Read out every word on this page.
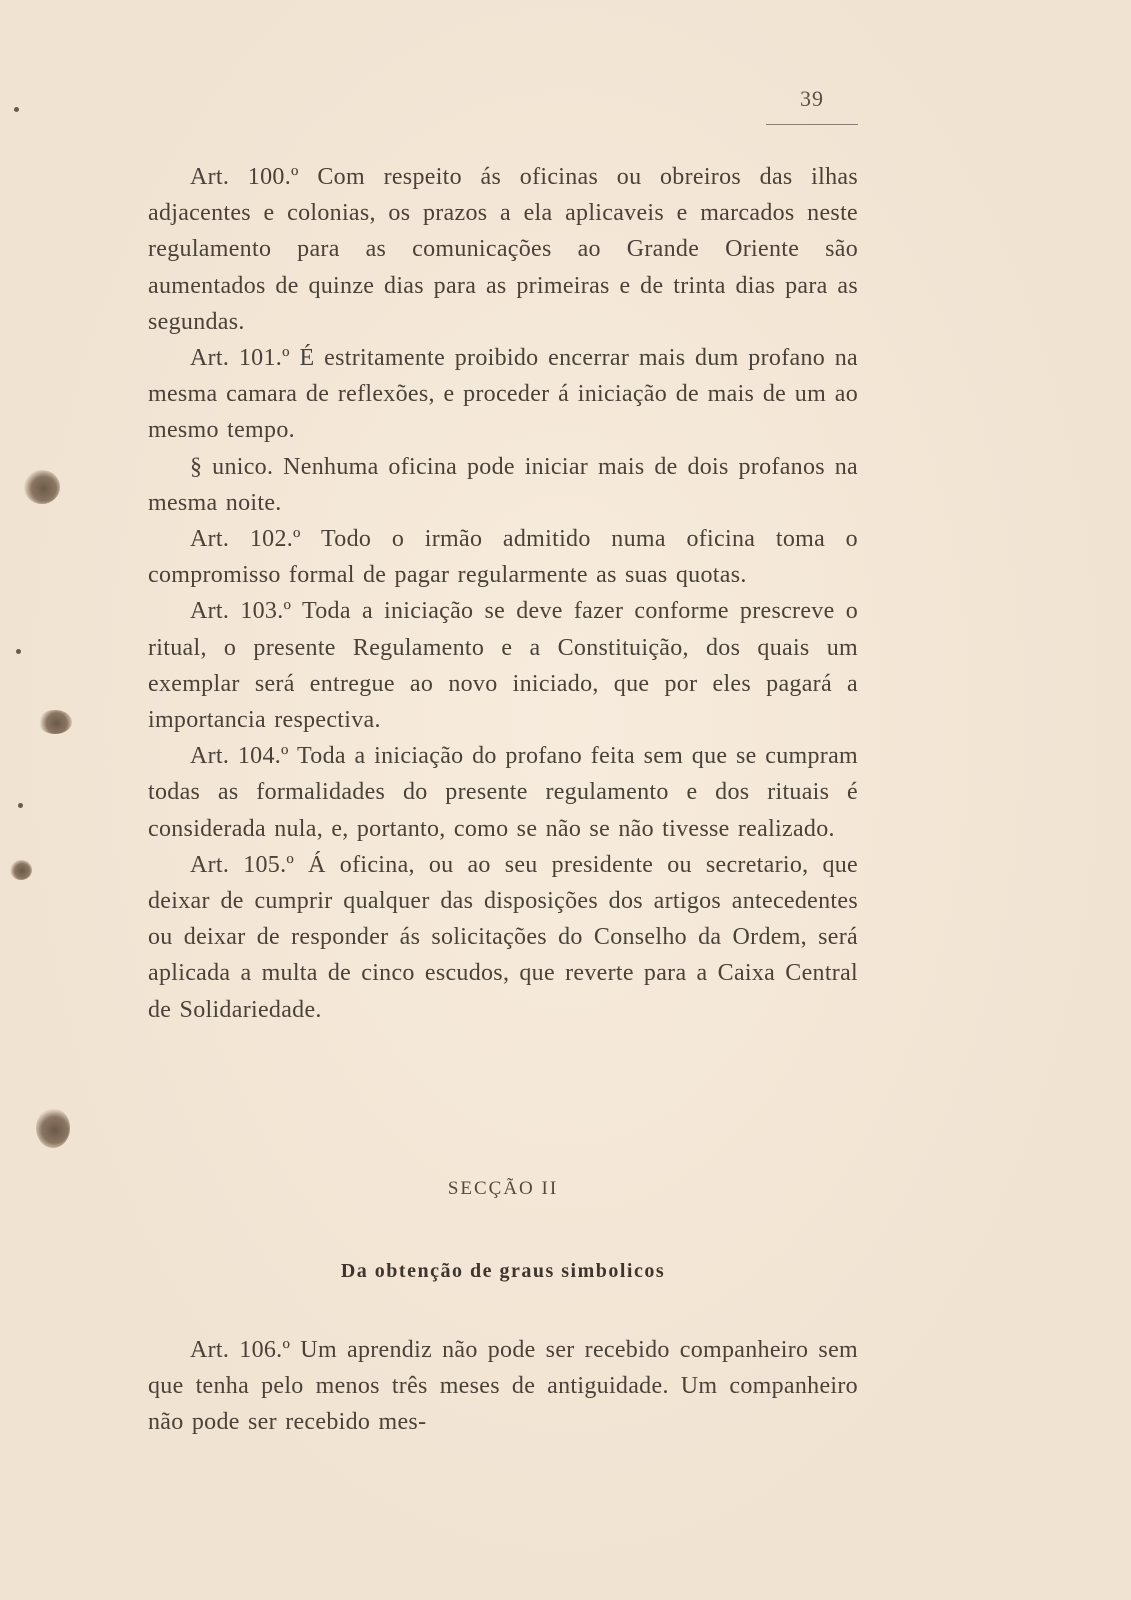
39

Art. 100.º Com respeito ás oficinas ou obreiros das ilhas adjacentes e colonias, os prazos a ela aplicaveis e marcados neste regulamento para as comunicações ao Grande Oriente são aumentados de quinze dias para as primeiras e de trinta dias para as segundas.

Art. 101.º É estritamente proibido encerrar mais dum profano na mesma camara de reflexões, e proceder á iniciação de mais de um ao mesmo tempo.

§ unico. Nenhuma oficina pode iniciar mais de dois profanos na mesma noite.

Art. 102.º Todo o irmão admitido numa oficina toma o compromisso formal de pagar regularmente as suas quotas.

Art. 103.º Toda a iniciação se deve fazer conforme prescreve o ritual, o presente Regulamento e a Constituição, dos quais um exemplar será entregue ao novo iniciado, que por eles pagará a importancia respectiva.

Art. 104.º Toda a iniciação do profano feita sem que se cumpram todas as formalidades do presente regulamento e dos rituais é considerada nula, e, portanto, como se não se não tivesse realizado.

Art. 105.º Á oficina, ou ao seu presidente ou secretario, que deixar de cumprir qualquer das disposições dos artigos antecedentes ou deixar de responder ás solicitações do Conselho da Ordem, será aplicada a multa de cinco escudos, que reverte para a Caixa Central de Solidariedade.

SECÇÃO II
Da obtenção de graus simbolicos

Art. 106.º Um aprendiz não pode ser recebido companheiro sem que tenha pelo menos três meses de antiguidade. Um companheiro não pode ser recebido mes-
